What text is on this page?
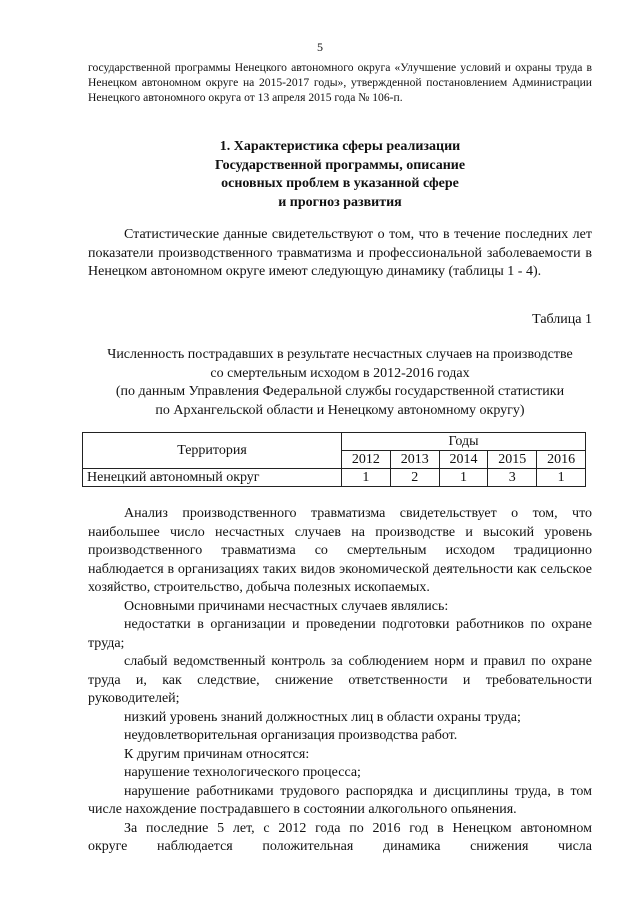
5
государственной программы Ненецкого автономного округа «Улучшение условий и охраны труда в Ненецком автономном округе на 2015-2017 годы», утвержденной постановлением Администрации Ненецкого автономного округа от 13 апреля 2015 года № 106-п.
1. Характеристика сферы реализации
Государственной программы, описание
основных проблем в указанной сфере
и прогноз развития
Статистические данные свидетельствуют о том, что в течение последних лет показатели производственного травматизма и профессиональной заболеваемости в Ненецком автономном округе имеют следующую динамику (таблицы 1 - 4).
Таблица 1
Численность пострадавших в результате несчастных случаев на производстве
со смертельным исходом в 2012-2016 годах
(по данным Управления Федеральной службы государственной статистики
по Архангельской области и Ненецкому автономному округу)
Территория	Годы				
	2012	2013	2014	2015	2016
Ненецкий автономный округ	1	2	1	3	1
Анализ производственного травматизма свидетельствует о том, что наибольшее число несчастных случаев на производстве и высокий уровень производственного травматизма со смертельным исходом традиционно наблюдается в организациях таких видов экономической деятельности как сельское хозяйство, строительство, добыча полезных ископаемых.
Основными причинами несчастных случаев являлись:
недостатки в организации и проведении подготовки работников по охране труда;
слабый ведомственный контроль за соблюдением норм и правил по охране труда и, как следствие, снижение ответственности и требовательности руководителей;
низкий уровень знаний должностных лиц в области охраны труда;
неудовлетворительная организация производства работ.
К другим причинам относятся:
нарушение технологического процесса;
нарушение работниками трудового распорядка и дисциплины труда, в том числе нахождение пострадавшего в состоянии алкогольного опьянения.
За последние 5 лет, с 2012 года по 2016 год в Ненецком автономном
округе наблюдается положительная динамика снижения числа
